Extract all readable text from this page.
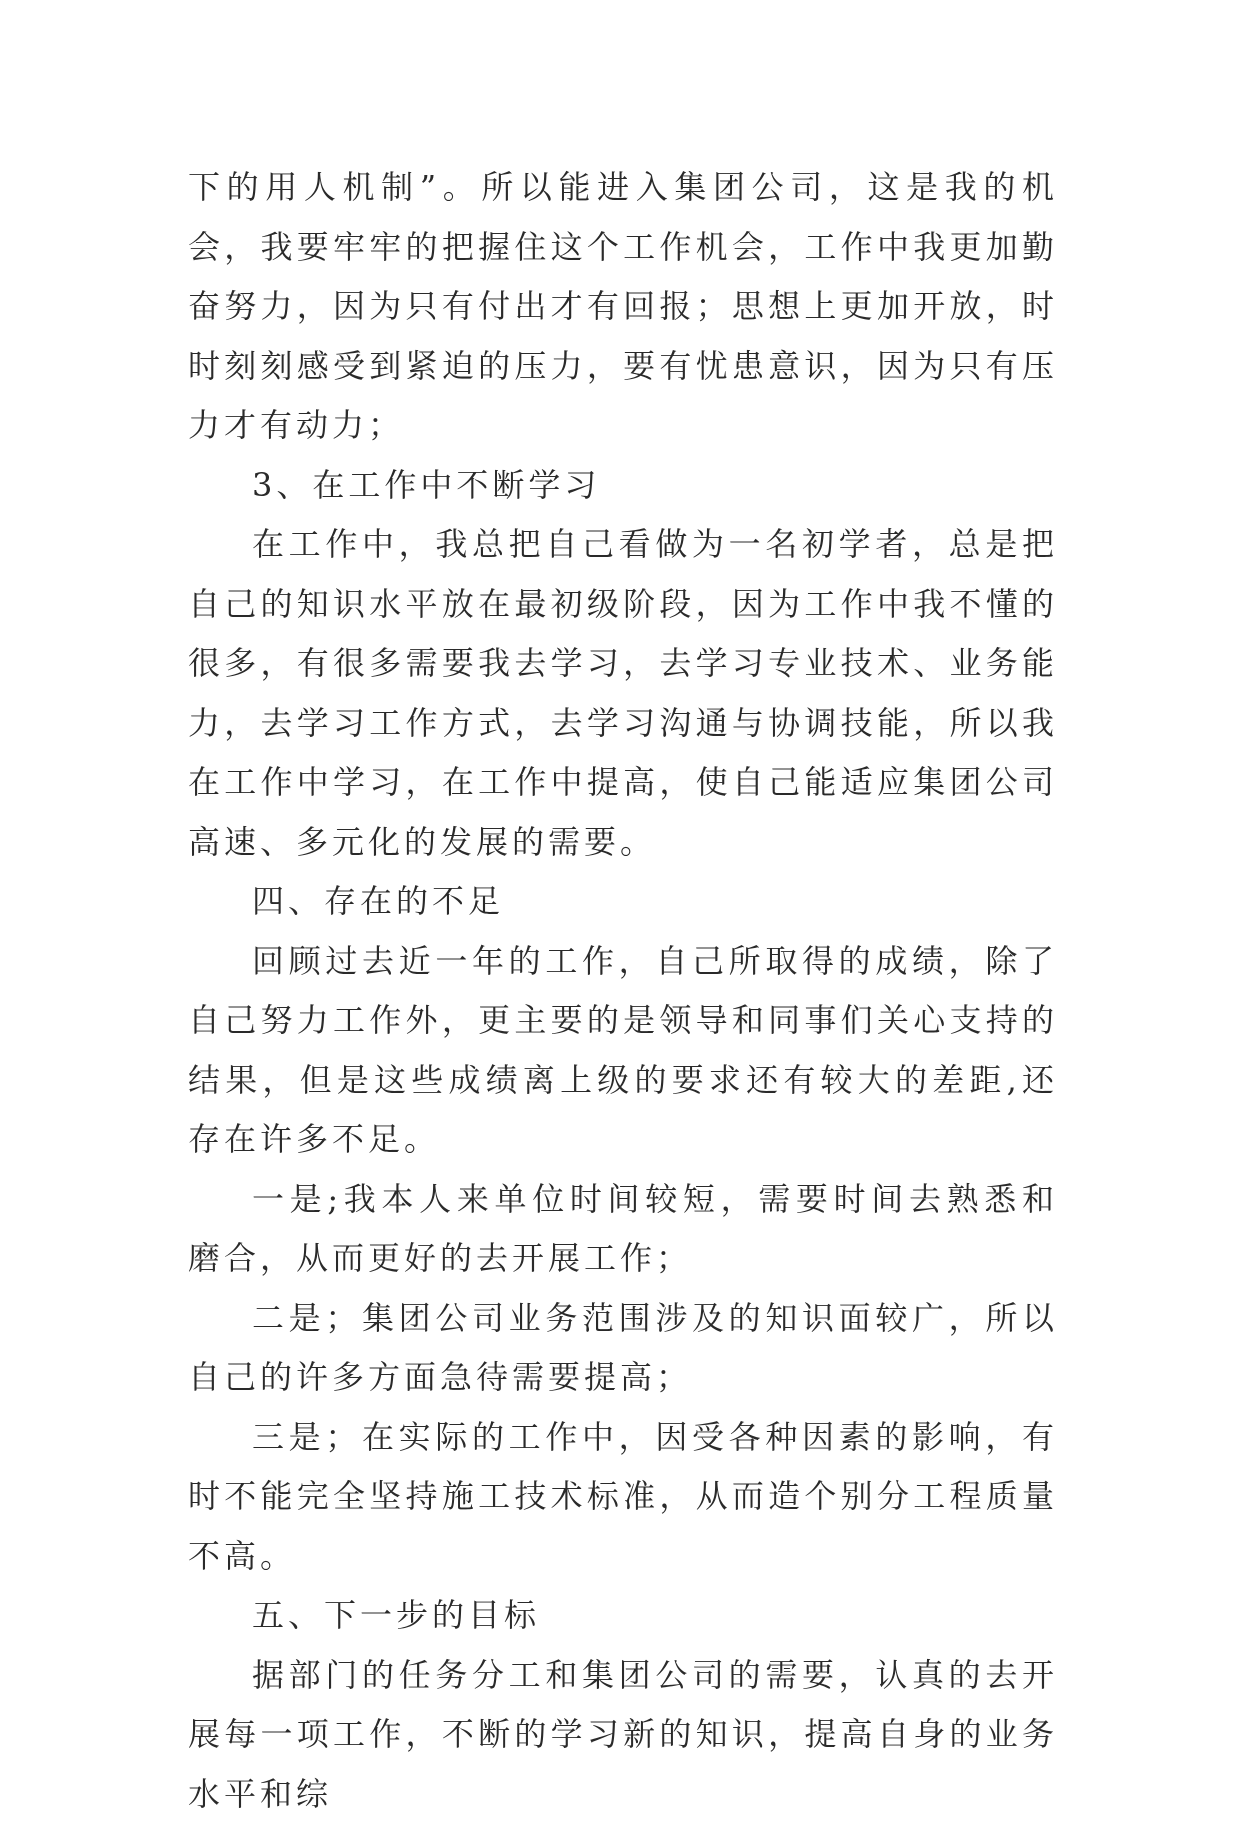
下的用人机制”。所以能进入集团公司，这是我的机会，我要牢牢的把握住这个工作机会，工作中我更加勤奋努力，因为只有付出才有回报；思想上更加开放，时时刻刻感受到紧迫的压力，要有忧患意识，因为只有压力才有动力；

3、在工作中不断学习

在工作中，我总把自己看做为一名初学者，总是把自己的知识水平放在最初级阶段，因为工作中我不懂的很多，有很多需要我去学习，去学习专业技术、业务能力，去学习工作方式，去学习沟通与协调技能，所以我在工作中学习，在工作中提高，使自己能适应集团公司高速、多元化的发展的需要。

四、存在的不足

回顾过去近一年的工作，自己所取得的成绩，除了自己努力工作外，更主要的是领导和同事们关心支持的结果，但是这些成绩离上级的要求还有较大的差距,还存在许多不足。

一是;我本人来单位时间较短，需要时间去熟悉和磨合，从而更好的去开展工作；

二是；集团公司业务范围涉及的知识面较广，所以自己的许多方面急待需要提高；

三是；在实际的工作中，因受各种因素的影响，有时不能完全坚持施工技术标准，从而造个别分工程质量不高。

五、下一步的目标

据部门的任务分工和集团公司的需要，认真的去开展每一项工作，不断的学习新的知识，提高自身的业务水平和综
